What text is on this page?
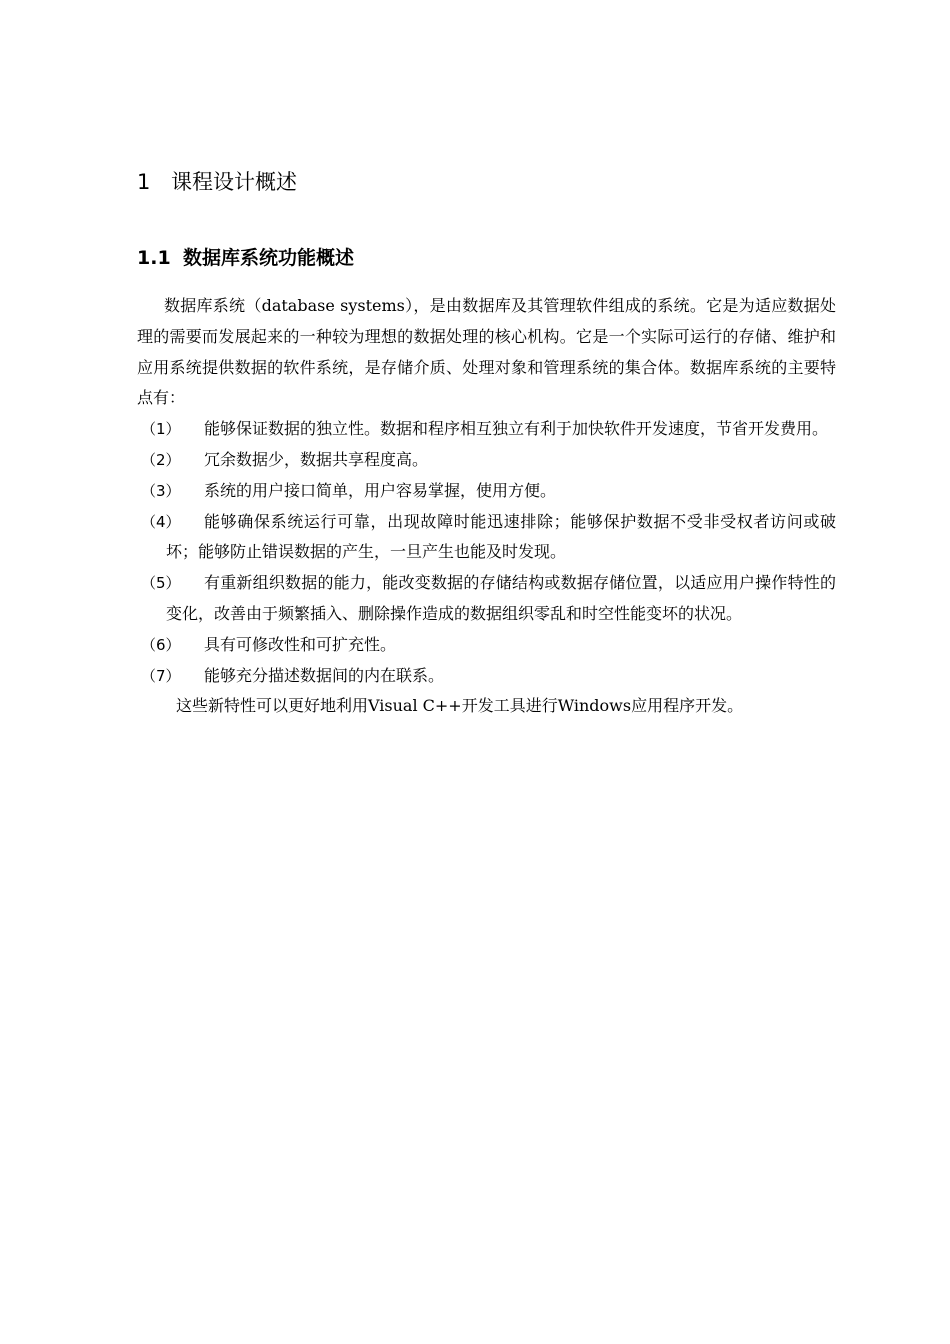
1 课程设计概述
1.1 数据库系统功能概述

数据库系统（database systems），是由数据库及其管理软件组成的系统。它是为适应数据处理的需要而发展起来的一种较为理想的数据处理的核心机构。它是一个实际可运行的存储、维护和应用系统提供数据的软件系统，是存储介质、处理对象和管理系统的集合体。数据库系统的主要特点有：

（1）	能够保证数据的独立性。数据和程序相互独立有利于加快软件开发速度，节省开发费用。
（2）	冗余数据少，数据共享程度高。
（3）	系统的用户接口简单，用户容易掌握，使用方便。
（4）	能够确保系统运行可靠，出现故障时能迅速排除；能够保护数据不受非受权者访问或破坏；能够防止错误数据的产生，一旦产生也能及时发现。
（5）	有重新组织数据的能力，能改变数据的存储结构或数据存储位置，以适应用户操作特性的变化，改善由于频繁插入、删除操作造成的数据组织零乱和时空性能变坏的状况。
（6）	具有可修改性和可扩充性。
（7）	能够充分描述数据间的内在联系。

这些新特性可以更好地利用Visual C++开发工具进行Windows应用程序开发。
